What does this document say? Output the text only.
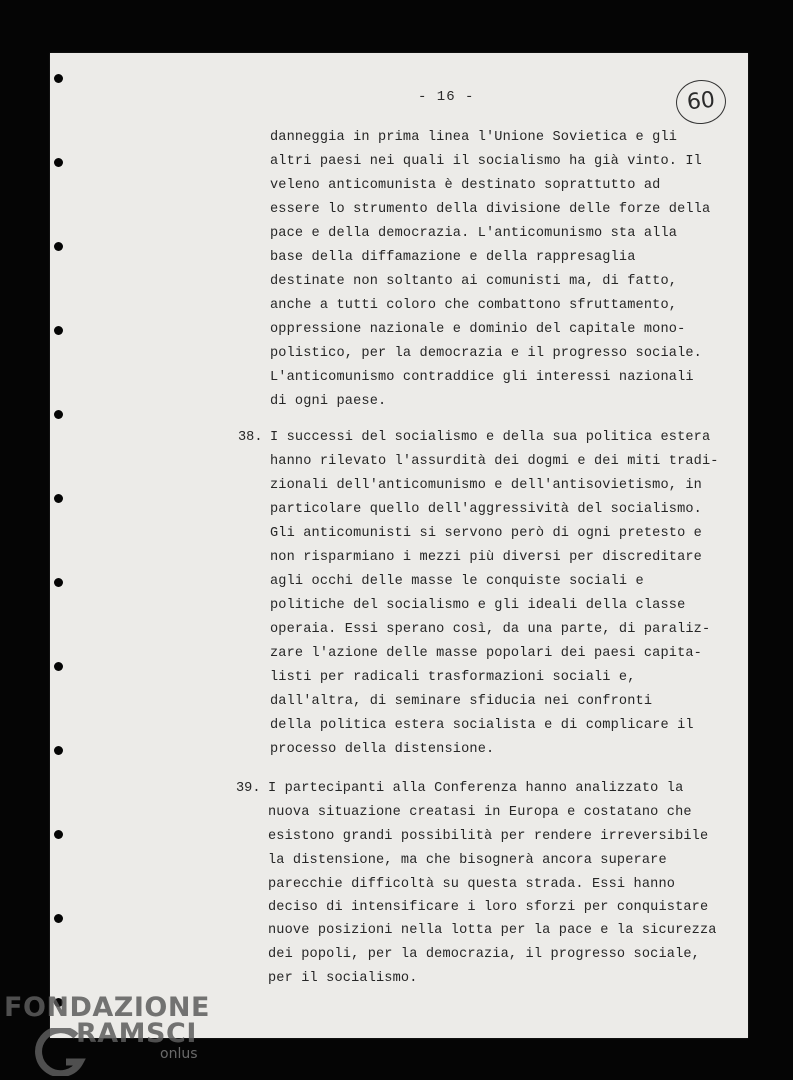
- 16 -	60
danneggia in prima linea l'Unione Sovietica e gli
altri paesi nei quali il socialismo ha già vinto. Il
veleno anticomunista è destinato soprattutto ad
essere lo strumento della divisione delle forze della
pace e della democrazia. L'anticomunismo sta alla
base della diffamazione e della rappresaglia
destinate non soltanto ai comunisti ma, di fatto,
anche a tutti coloro che combattono sfruttamento,
oppressione nazionale e dominio del capitale mono-
polistico, per la democrazia e il progresso sociale.
L'anticomunismo contraddice gli interessi nazionali
di ogni paese.
38. I successi del socialismo e della sua politica estera
hanno rilevato l'assurdità dei dogmi e dei miti tradi-
zionali dell'anticomunismo e dell'antisovietismo, in
particolare quello dell'aggressività del socialismo.
Gli anticomunisti si servono però di ogni pretesto e
non risparmiano i mezzi più diversi per discreditare
agli occhi delle masse le conquiste sociali e
politiche del socialismo e gli ideali della classe
operaia. Essi sperano così, da una parte, di paraliz-
zare l'azione delle masse popolari dei paesi capita-
listi per radicali trasformazioni sociali e,
dall'altra, di seminare sfiducia nei confronti
della politica estera socialista e di complicare il
processo della distensione.
39. I partecipanti alla Conferenza hanno analizzato la
nuova situazione creatasi in Europa e costatano che
esistono grandi possibilità per rendere irreversibile
la distensione, ma che bisognerà ancora superare
parecchie difficoltà su questa strada. Essi hanno
deciso di intensificare i loro sforzi per conquistare
nuove posizioni nella lotta per la pace e la sicurezza
dei popoli, per la democrazia, il progresso sociale,
per il socialismo.
FONDAZIONE
RAMSCI
onlus
